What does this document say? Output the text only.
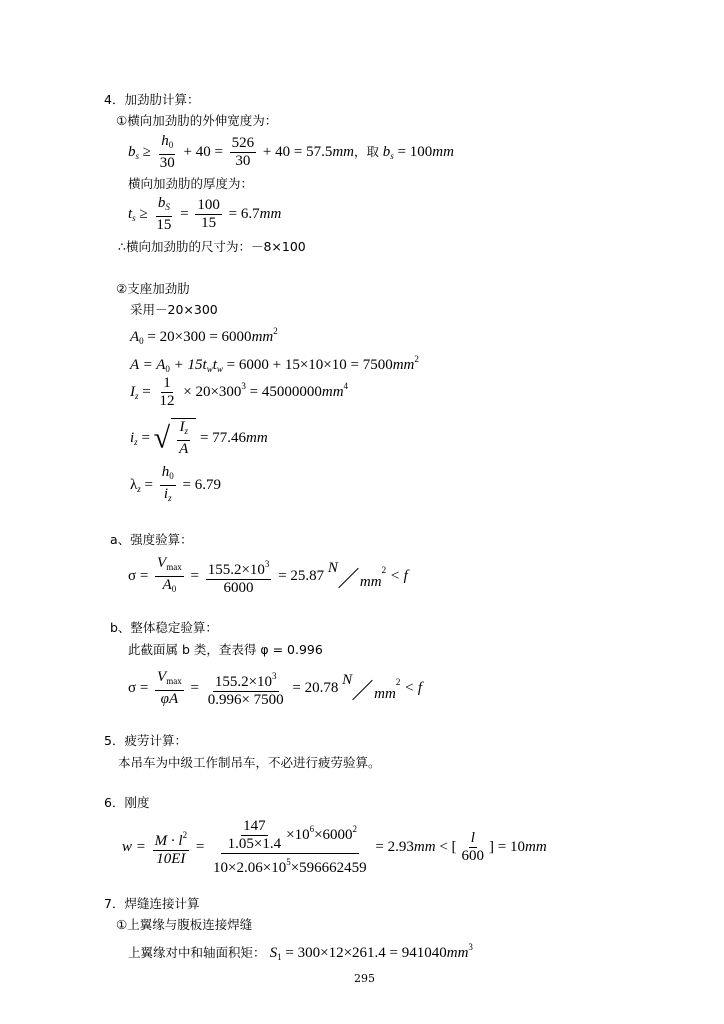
4．加劲肋计算：
①横向加劲肋的外伸宽度为：
$b_s \ge \frac{h_0}{30} + 40 = \frac{526}{30} + 40 = 57.5mm$，取 $b_s = 100mm$
横向加劲肋的厚度为：
$t_s \ge \frac{b_S}{15} = \frac{100}{15} = 6.7mm$
∴横向加劲肋的尺寸为：－8×100
②支座加劲肋
采用－20×300
$A_0 = 20\times 300 = 6000mm^2$
$A = A_0 + 15t_wt_w = 6000 + 15\times 10\times 10 = 7500mm^2$
$I_z = \frac{1}{12} \times 20\times 300^3 = 45000000mm^4$
$i_z$ = √ $\frac{I_z}{A} = 77.46mm$
$\lambda_z = \frac{h_0}{i_z} = 6.79$
a、强度验算：
$\sigma = \frac{V_{max}}{A_0} = \frac{155.2\times 10^3}{6000} = 25.87$ Nmm$^2$ < f
b、整体稳定验算：
此截面属 b 类，查表得 φ = 0.996
$\sigma = \frac{V_{max}}{\varphi A} = \frac{155.2\times 10^3}{0.996\times 7500} = 20.78$ Nmm$^2$ < f
5．疲劳计算：
本吊车为中级工作制吊车，不必进行疲劳验算。
6．刚度
$w = \frac{M \cdot l^2}{10EI} = \frac{\frac{147}{1.05\times 1.4} \times 10^6\times 6000^2}{10\times 2.06\times 10^5\times 596662459} = 2.93mm$ < [ $\frac{l}{600}$ ] = 10mm
7．焊缝连接计算
①上翼缘与腹板连接焊缝
上翼缘对中和轴面积矩： $S_1 = 300\times 12\times 261.4 = 941040mm^3$
295
